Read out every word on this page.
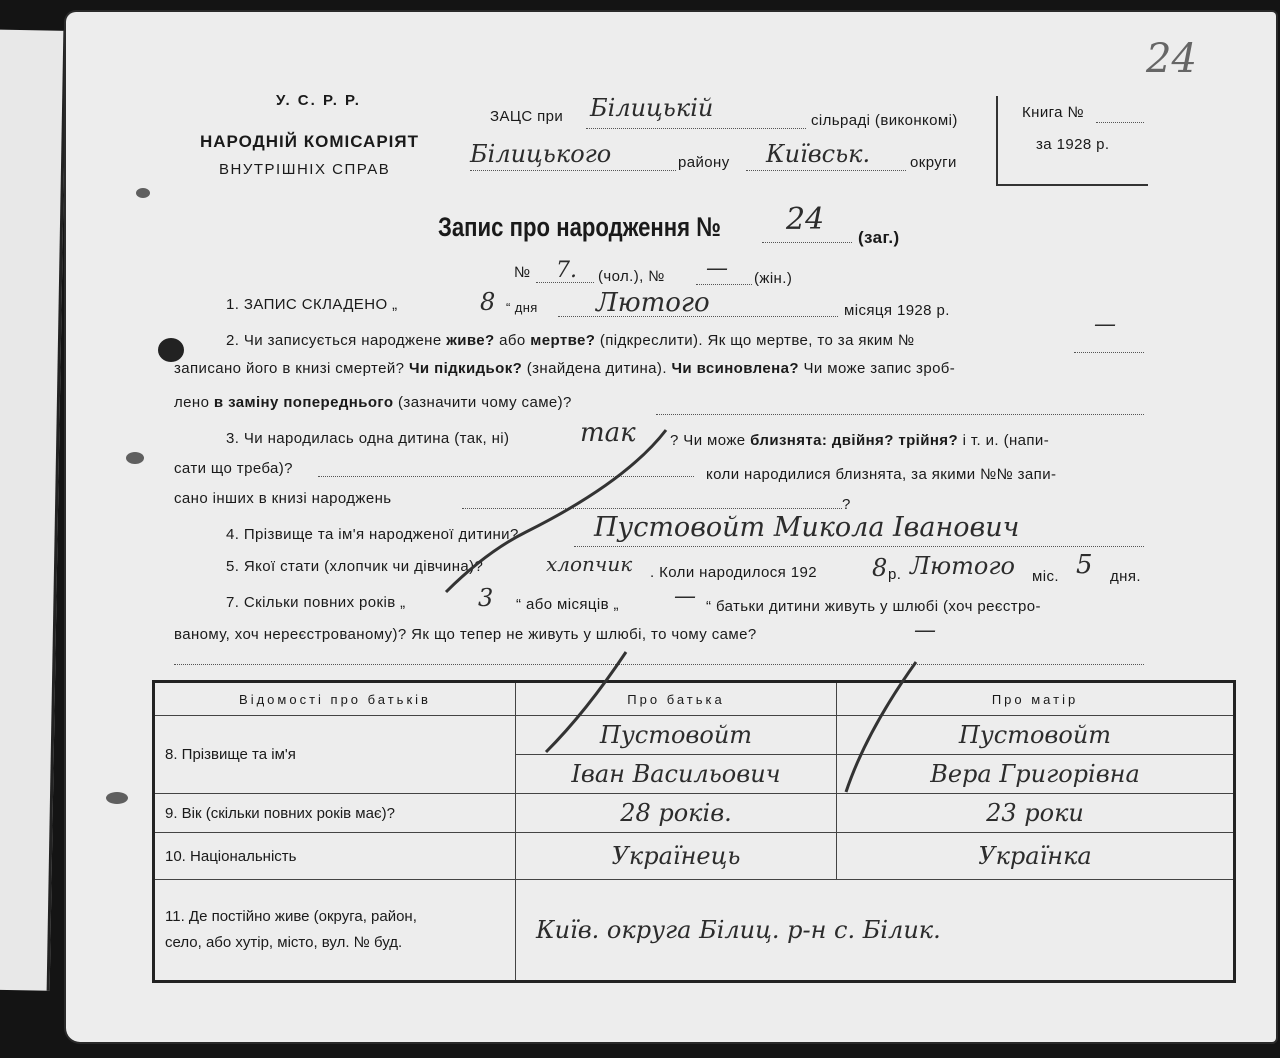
24
У. С. Р. Р.
НАРОДНІЙ КОМІСАРІЯТ
ВНУТРІШНІХ СПРАВ
ЗАЦС при Білицькій	сільраді (виконкомі)
Білицького	району Київськ.	округи
Книга №
за 1928 р.
Запис про народження № 24
(заг.)
№ 7. (чол.), № — (жін.)
1. ЗАПИС СКЛАДЕНО „	8 “ дня Лютого	місяця 1928 р.
2. Чи записується народжене живе? або мертве? (підкреслити). Як що мертве, то за яким №
—
записано його в книзі смертей? Чи підкидьок? (знайдена дитина). Чи всиновлена? Чи може запис зроб-
лено в заміну попереднього (зазначити чому саме)?
3. Чи народилась одна дитина (так, ні)	так ? Чи може близнята: двійня? трійня? і т. и. (напи-
сати що треба)?	коли народилися близнята, за якими №№ запи-
сано інших в книзі народжень	?
4. Прізвище та ім'я народженої дитини?	Пустовойт Микола Іванович
5. Якої стати (хлопчик чи дівчина)?	хлопчик . Коли народилося 192 8 р. Лютого міс. 5 дня.
7. Скільки повних років „	3 “ або місяців „	— “ батьки дитини живуть у шлюбі (хоч реєстро-
ваному, хоч нереєстрованому)? Як що тепер не живуть у шлюбі, то чому саме?	—
Відомості про батьків	Про батька	Про матір
8. Прізвище та ім'я	Пустовойт	Пустовойт
	Іван Васильович	Вера Григорівна
9. Вік (скільки повних років має)?	28 років.	23 роки
10. Національність	Українець	Українка

11. Де постійно живе (округа, район,
село, або хутір, місто, вул. № буд.	Київ. округа Білиц. р-н с. Білик.	
